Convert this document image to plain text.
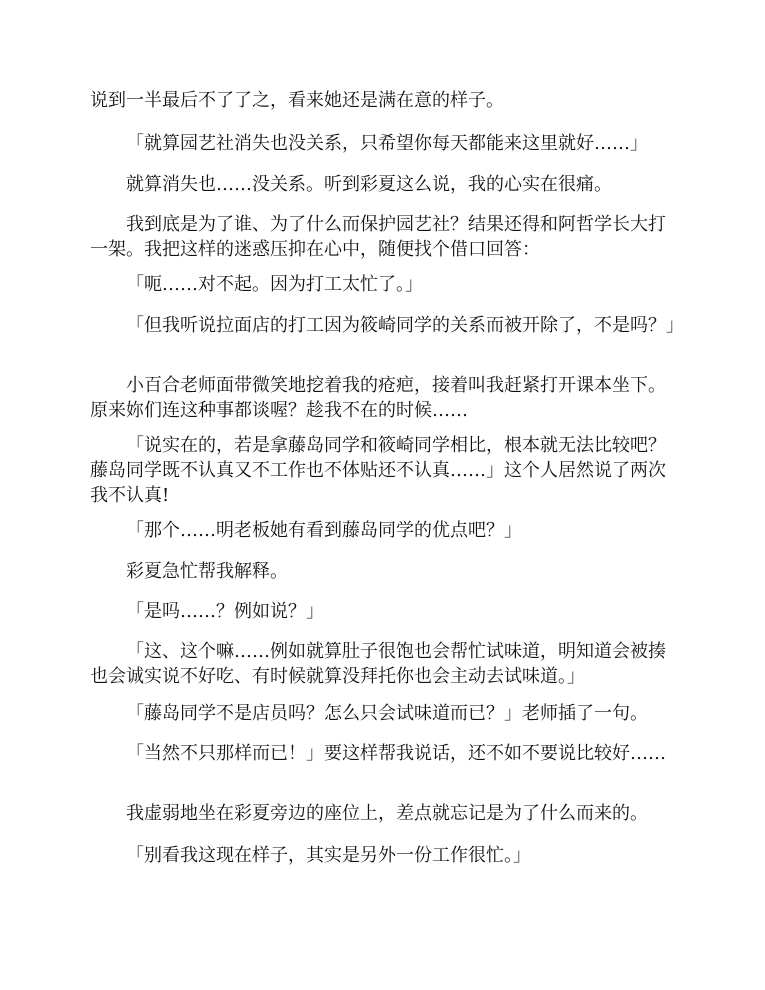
说到一半最后不了了之，看来她还是满在意的样子。

「就算园艺社消失也没关系，只希望你每天都能来这里就好……」

就算消失也……没关系。听到彩夏这么说，我的心实在很痛。

我到底是为了谁、为了什么而保护园艺社？结果还得和阿哲学长大打一架。我把这样的迷惑压抑在心中，随便找个借口回答：

「呃……对不起。因为打工太忙了。」

「但我听说拉面店的打工因为筱崎同学的关系而被开除了，不是吗？」

小百合老师面带微笑地挖着我的疮疤，接着叫我赶紧打开课本坐下。原来妳们连这种事都谈喔？趁我不在的时候……

「说实在的，若是拿藤岛同学和筱崎同学相比，根本就无法比较吧？藤岛同学既不认真又不工作也不体贴还不认真……」这个人居然说了两次我不认真!

「那个……明老板她有看到藤岛同学的优点吧？」

彩夏急忙帮我解释。

「是吗……？例如说？」

「这、这个嘛……例如就算肚子很饱也会帮忙试味道，明知道会被揍也会诚实说不好吃、有时候就算没拜托你也会主动去试味道。」

「藤岛同学不是店员吗？怎么只会试味道而已？」老师插了一句。

「当然不只那样而已！」要这样帮我说话，还不如不要说比较好……

我虚弱地坐在彩夏旁边的座位上，差点就忘记是为了什么而来的。

「别看我这现在样子，其实是另外一份工作很忙。」
